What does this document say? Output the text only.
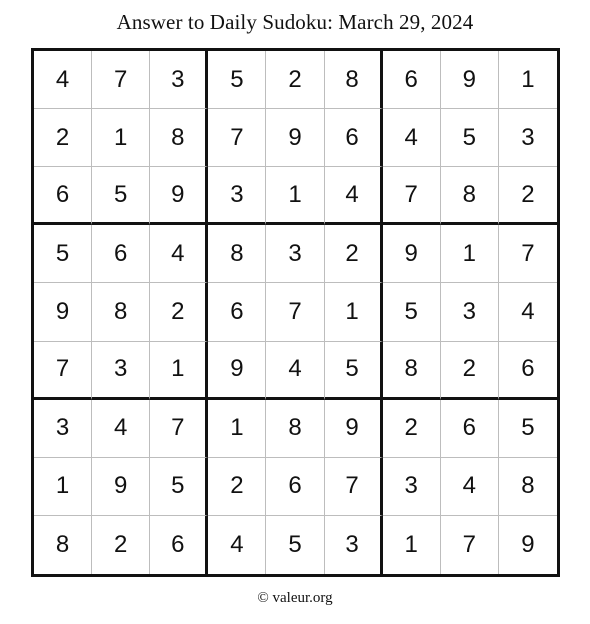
Answer to Daily Sudoku: March 29, 2024
4	7	3	5	2	8	6	9	1
2	1	8	7	9	6	4	5	3
6	5	9	3	1	4	7	8	2
5	6	4	8	3	2	9	1	7
9	8	2	6	7	1	5	3	4
7	3	1	9	4	5	8	2	6
3	4	7	1	8	9	2	6	5
1	9	5	2	6	7	3	4	8
8	2	6	4	5	3	1	7	9
© valeur.org
